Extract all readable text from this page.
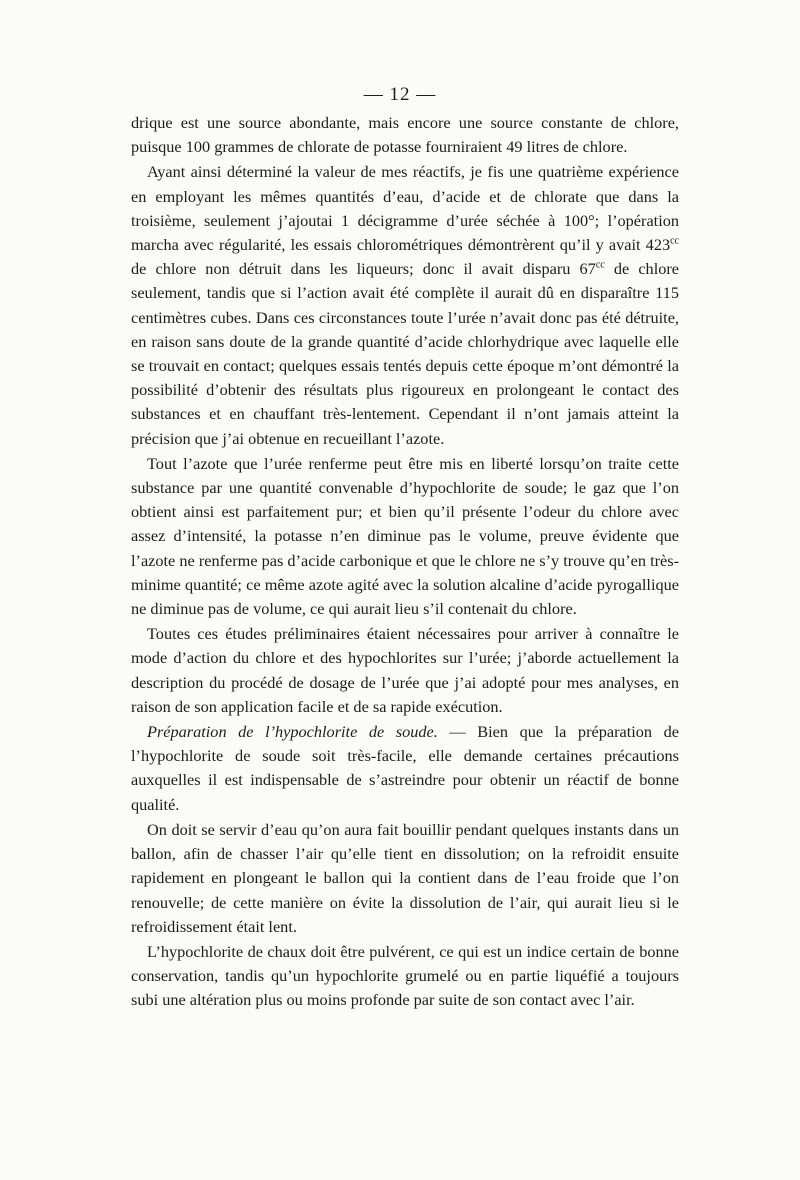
— 12 —

drique est une source abondante, mais encore une source constante de chlore, puisque 100 grammes de chlorate de potasse fourniraient 49 litres de chlore.

Ayant ainsi déterminé la valeur de mes réactifs, je fis une quatrième expérience en employant les mêmes quantités d’eau, d’acide et de chlorate que dans la troisième, seulement j’ajoutai 1 décigramme d’urée séchée à 100°; l’opération marcha avec régularité, les essais chlorométriques démontrèrent qu’il y avait $423^{cc}$ de chlore non détruit dans les liqueurs; donc il avait disparu $67^{cc}$ de chlore seulement, tandis que si l’action avait été complète il aurait dû en disparaître 115 centimètres cubes. Dans ces circonstances toute l’urée n’avait donc pas été détruite, en raison sans doute de la grande quantité d’acide chlorhydrique avec laquelle elle se trouvait en contact; quelques essais tentés depuis cette époque m’ont démontré la possibilité d’obtenir des résultats plus rigoureux en prolongeant le contact des substances et en chauffant très-lentement. Cependant il n’ont jamais atteint la précision que j’ai obtenue en recueillant l’azote.

Tout l’azote que l’urée renferme peut être mis en liberté lorsqu’on traite cette substance par une quantité convenable d’hypochlorite de soude; le gaz que l’on obtient ainsi est parfaitement pur; et bien qu’il présente l’odeur du chlore avec assez d’intensité, la potasse n’en diminue pas le volume, preuve évidente que l’azote ne renferme pas d’acide carbonique et que le chlore ne s’y trouve qu’en très-minime quantité; ce même azote agité avec la solution alcaline d’acide pyrogallique ne diminue pas de volume, ce qui aurait lieu s’il contenait du chlore.

Toutes ces études préliminaires étaient nécessaires pour arriver à connaître le mode d’action du chlore et des hypochlorites sur l’urée; j’aborde actuellement la description du procédé de dosage de l’urée que j’ai adopté pour mes analyses, en raison de son application facile et de sa rapide exécution.

Préparation de l’hypochlorite de soude. — Bien que la préparation de l’hypochlorite de soude soit très-facile, elle demande certaines précautions auxquelles il est indispensable de s’astreindre pour obtenir un réactif de bonne qualité.

On doit se servir d’eau qu’on aura fait bouillir pendant quelques instants dans un ballon, afin de chasser l’air qu’elle tient en dissolution; on la refroidit ensuite rapidement en plongeant le ballon qui la contient dans de l’eau froide que l’on renouvelle; de cette manière on évite la dissolution de l’air, qui aurait lieu si le refroidissement était lent.

L’hypochlorite de chaux doit être pulvérent, ce qui est un indice certain de bonne conservation, tandis qu’un hypochlorite grumelé ou en partie liquéfié a toujours subi une altération plus ou moins profonde par suite de son contact avec l’air.
